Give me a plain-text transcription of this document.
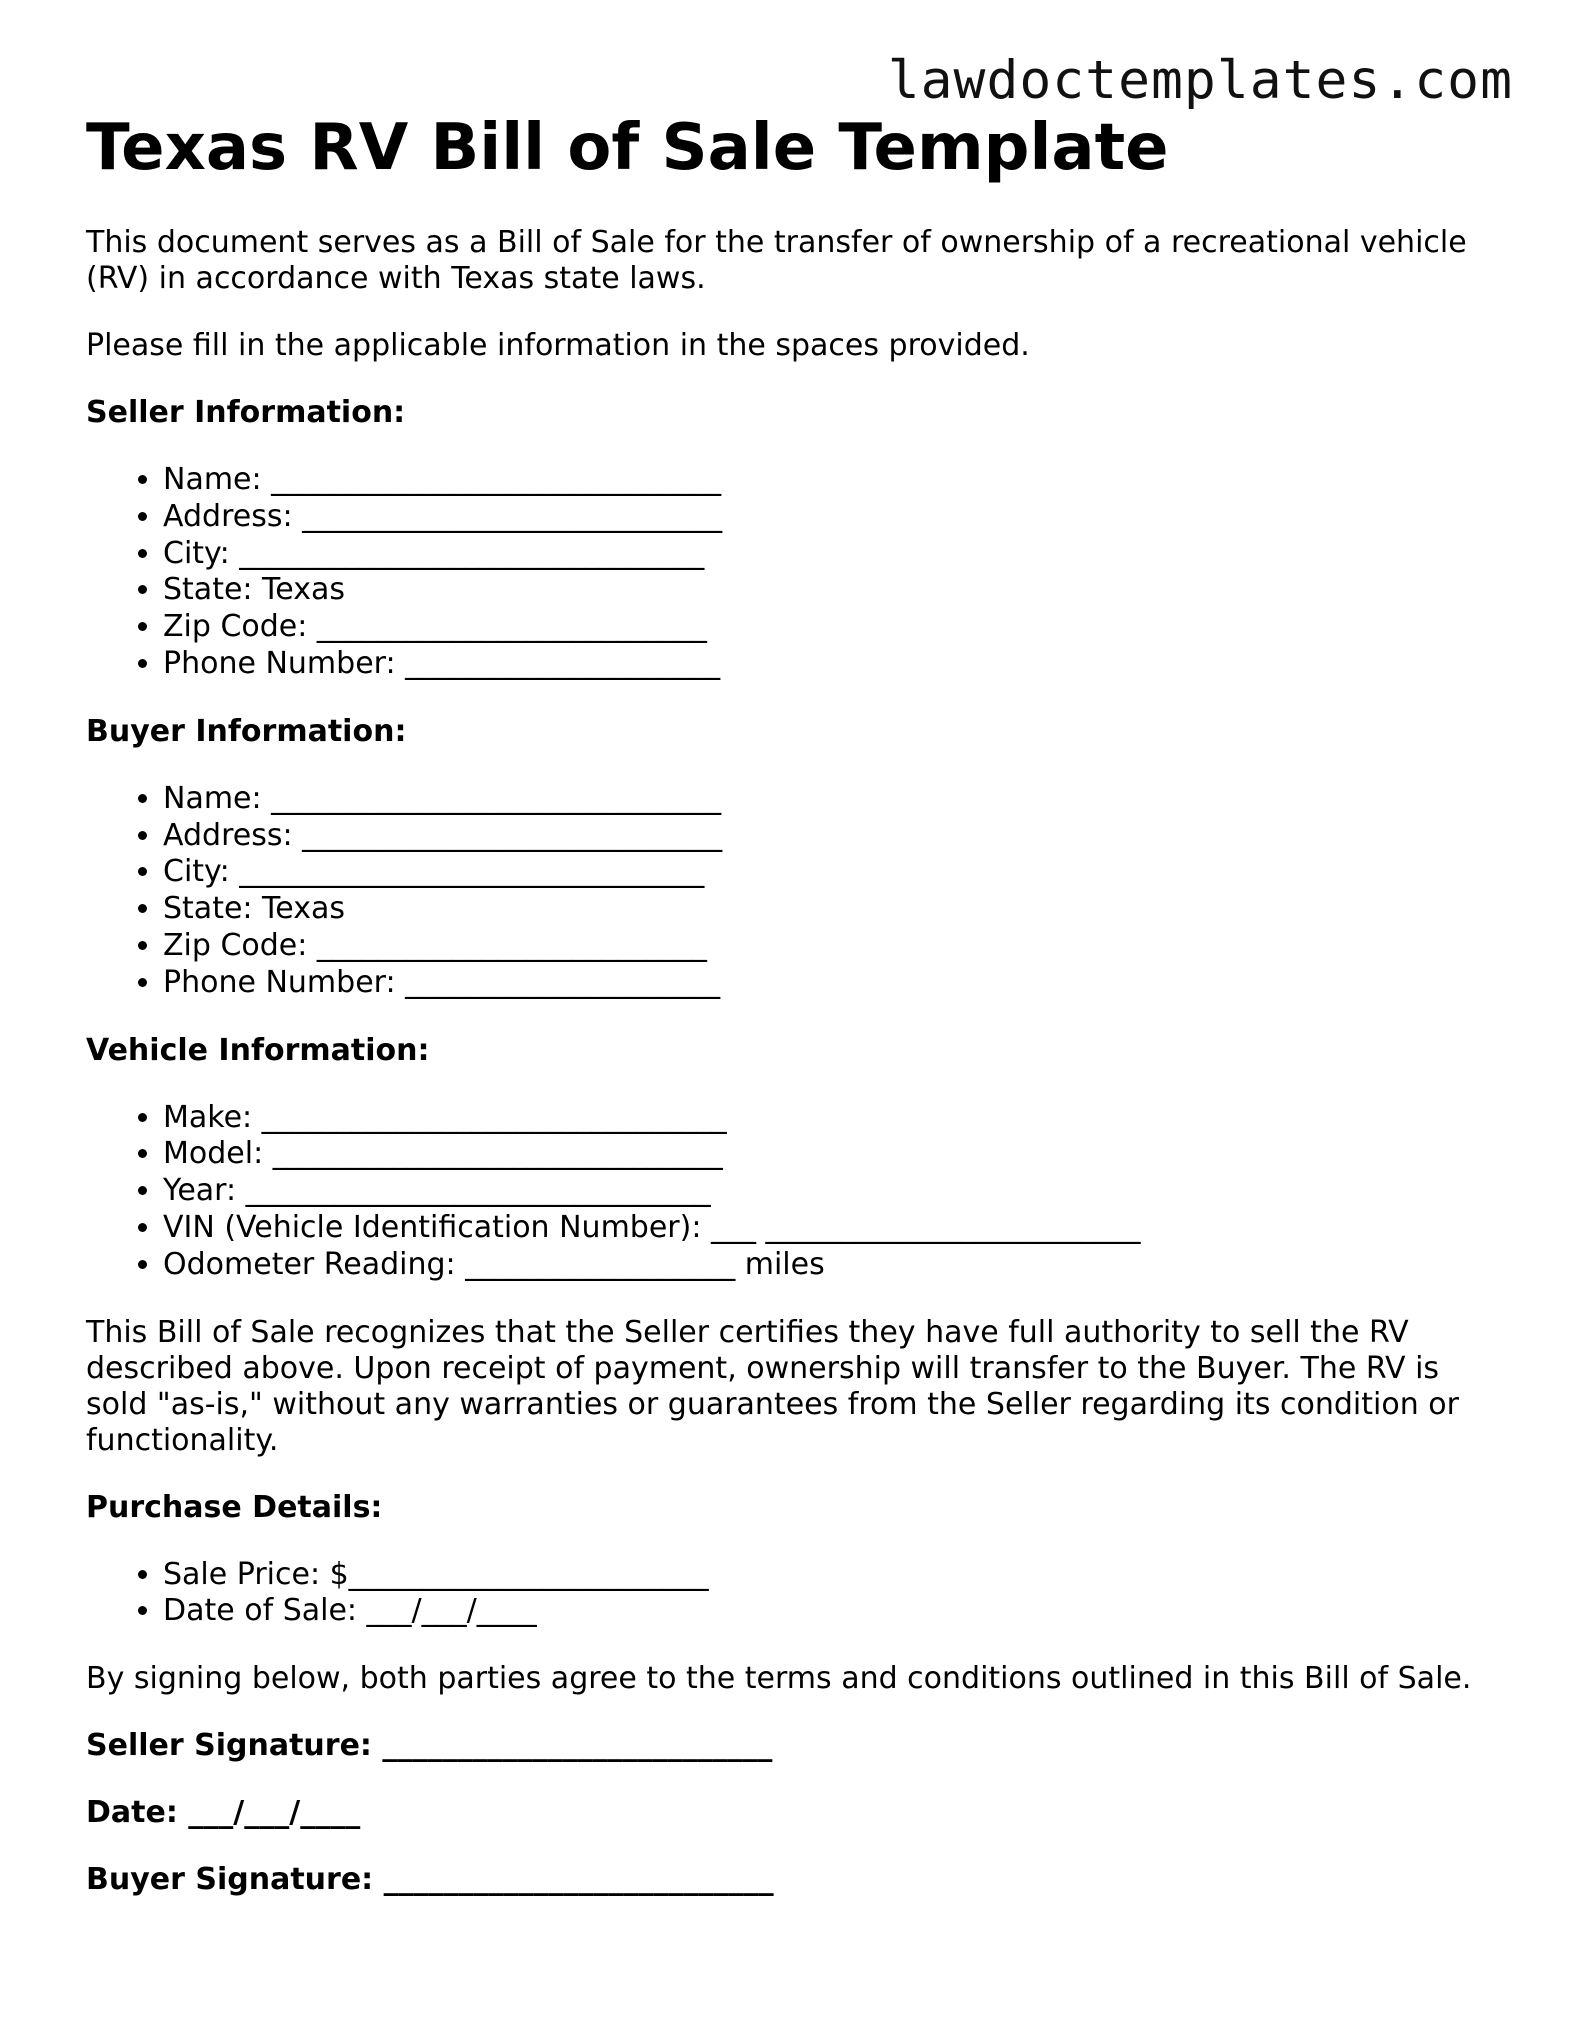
lawdoctemplates.com
Texas RV Bill of Sale Template

This document serves as a Bill of Sale for the transfer of ownership of a recreational vehicle (RV) in accordance with Texas state laws.

Please fill in the applicable information in the spaces provided.

Seller Information:

• Name: ______________________________
• Address: ____________________________
• City: _______________________________
• State: Texas
• Zip Code: __________________________
• Phone Number: _____________________

Buyer Information:

• Name: ______________________________
• Address: ____________________________
• City: _______________________________
• State: Texas
• Zip Code: __________________________
• Phone Number: _____________________

Vehicle Information:

• Make: _______________________________
• Model: ______________________________
• Year: _______________________________
• VIN (Vehicle Identification Number): ___ _________________________
• Odometer Reading: __________________ miles

This Bill of Sale recognizes that the Seller certifies they have full authority to sell the RV described above. Upon receipt of payment, ownership will transfer to the Buyer. The RV is sold "as-is," without any warranties or guarantees from the Seller regarding its condition or functionality.

Purchase Details:

• Sale Price: $________________________
• Date of Sale: ___/___/____

By signing below, both parties agree to the terms and conditions outlined in this Bill of Sale.

Seller Signature: __________________________

Date: ___/___/____

Buyer Signature: __________________________
